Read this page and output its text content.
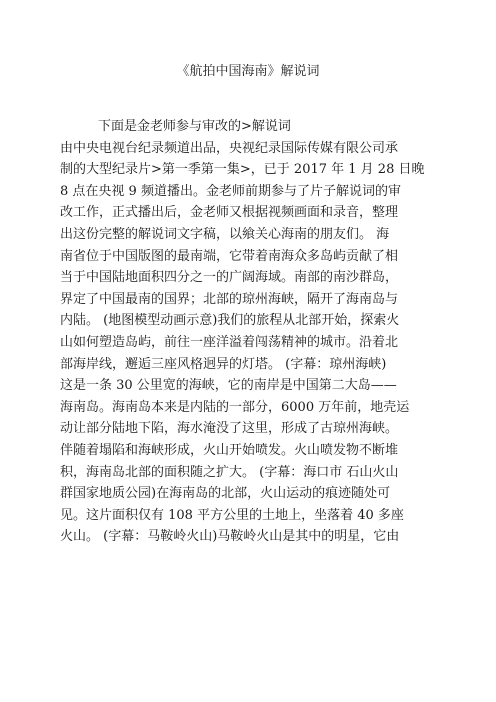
《航拍中国海南》解说词
下面是金老师参与审改的>解说词
由中央电视台纪录频道出品，央视纪录国际传媒有限公司承
制的大型纪录片>第一季第一集>，已于 2017 年 1 月 28 日晚
8 点在央视 9 频道播出。金老师前期参与了片子解说词的审
改工作，正式播出后，金老师又根据视频画面和录音，整理
出这份完整的解说词文字稿，以飨关心海南的朋友们。 海
南省位于中国版图的最南端，它带着南海众多岛屿贡献了相
当于中国陆地面积四分之一的广阔海域。南部的南沙群岛，
界定了中国最南的国界；北部的琼州海峡，隔开了海南岛与
内陆。 (地图模型动画示意)我们的旅程从北部开始，探索火
山如何塑造岛屿，前往一座洋溢着闯荡精神的城市。沿着北
部海岸线，邂逅三座风格迥异的灯塔。 (字幕：琼州海峡)
这是一条 30 公里宽的海峡，它的南岸是中国第二大岛——
海南岛。海南岛本来是内陆的一部分，6000 万年前，地壳运
动让部分陆地下陷，海水淹没了这里，形成了古琼州海峡。
伴随着塌陷和海峡形成，火山开始喷发。火山喷发物不断堆
积，海南岛北部的面积随之扩大。 (字幕：海口市 石山火山
群国家地质公园)在海南岛的北部，火山运动的痕迹随处可
见。这片面积仅有 108 平方公里的土地上，坐落着 40 多座
火山。 (字幕：马鞍岭火山)马鞍岭火山是其中的明星，它由
